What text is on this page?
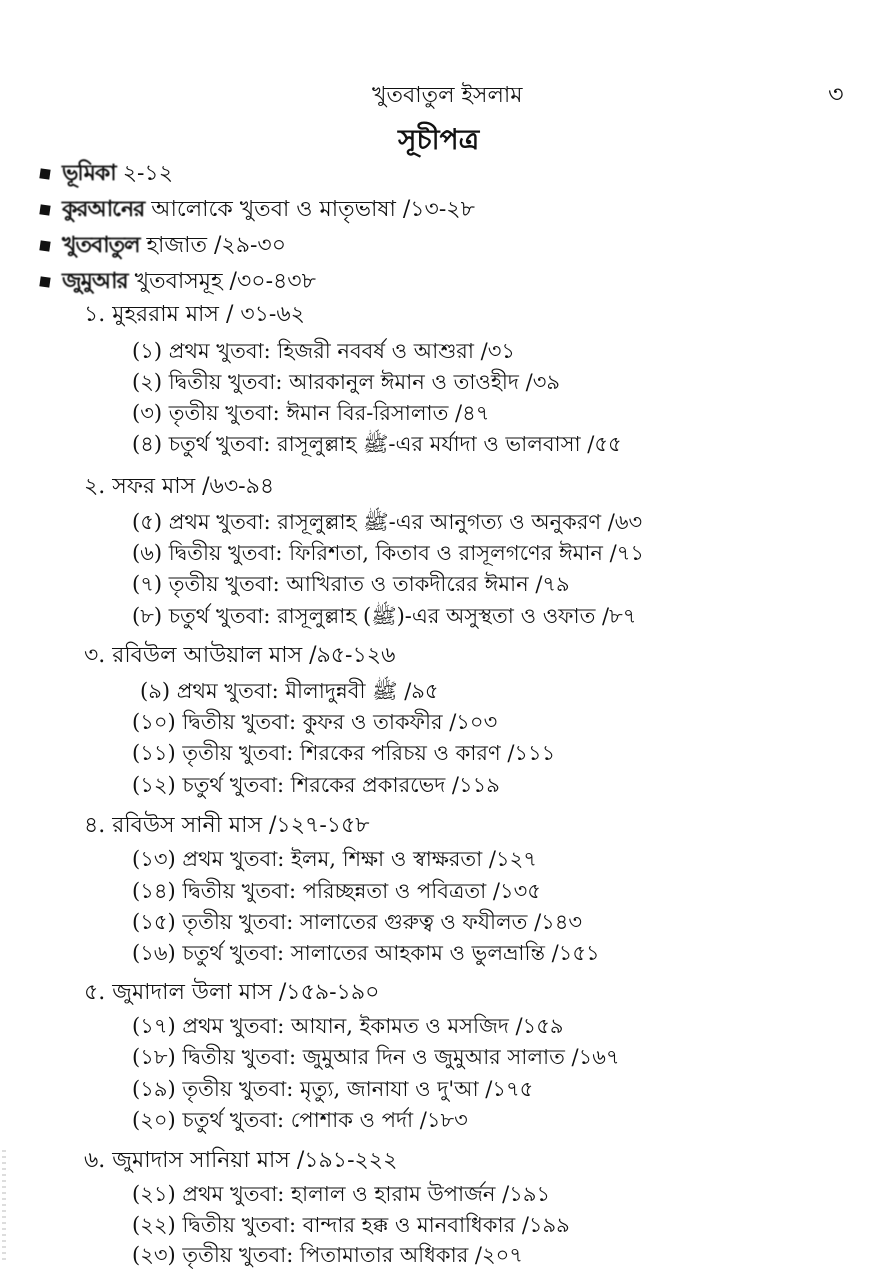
খুতবাতুল ইসলাম	৩
সূচীপত্র
ভূমিকা ২-১২
কুরআনের আলোকে খুতবা ও মাতৃভাষা /১৩-২৮
খুতবাতুল হাজাত /২৯-৩০
জুমুআর খুতবাসমূহ /৩০-৪৩৮
১. মুহররাম মাস / ৩১-৬২
(১) প্রথম খুতবা: হিজরী নববর্ষ ও আশুরা /৩১
(২) দ্বিতীয় খুতবা: আরকানুল ঈমান ও তাওহীদ /৩৯
(৩) তৃতীয় খুতবা: ঈমান বির-রিসালাত /৪৭
(৪) চতুর্থ খুতবা: রাসূলুল্লাহ ﷺ-এর মর্যাদা ও ভালবাসা /৫৫
২. সফর মাস /৬৩-৯৪
(৫) প্রথম খুতবা: রাসূলুল্লাহ ﷺ-এর আনুগত্য ও অনুকরণ /৬৩
(৬) দ্বিতীয় খুতবা: ফিরিশতা, কিতাব ও রাসূলগণের ঈমান /৭১
(৭) তৃতীয় খুতবা: আখিরাত ও তাকদীরের ঈমান /৭৯
(৮) চতুর্থ খুতবা: রাসূলুল্লাহ (ﷺ)-এর অসুস্থতা ও ওফাত /৮৭
৩. রবিউল আউয়াল মাস /৯৫-১২৬
(৯) প্রথম খুতবা: মীলাদুন্নবী ﷺ /৯৫
(১০) দ্বিতীয় খুতবা: কুফর ও তাকফীর /১০৩
(১১) তৃতীয় খুতবা: শিরকের পরিচয় ও কারণ /১১১
(১২) চতুর্থ খুতবা: শিরকের প্রকারভেদ /১১৯
৪. রবিউস সানী মাস /১২৭-১৫৮
(১৩) প্রথম খুতবা: ইলম, শিক্ষা ও স্বাক্ষরতা /১২৭
(১৪) দ্বিতীয় খুতবা: পরিচ্ছন্নতা ও পবিত্রতা /১৩৫
(১৫) তৃতীয় খুতবা: সালাতের গুরুত্ব ও ফযীলত /১৪৩
(১৬) চতুর্থ খুতবা: সালাতের আহকাম ও ভুলভ্রান্তি /১৫১
৫. জুমাদাল উলা মাস /১৫৯-১৯০
(১৭) প্রথম খুতবা: আযান, ইকামত ও মসজিদ /১৫৯
(১৮) দ্বিতীয় খুতবা: জুমুআর দিন ও জুমুআর সালাত /১৬৭
(১৯) তৃতীয় খুতবা: মৃত্যু, জানাযা ও দু'আ /১৭৫
(২০) চতুর্থ খুতবা: পোশাক ও পর্দা /১৮৩
৬. জুমাদাস সানিয়া মাস /১৯১-২২২
(২১) প্রথম খুতবা: হালাল ও হারাম উপার্জন /১৯১
(২২) দ্বিতীয় খুতবা: বান্দার হক্ক ও মানবাধিকার /১৯৯
(২৩) তৃতীয় খুতবা: পিতামাতার অধিকার /২০৭
